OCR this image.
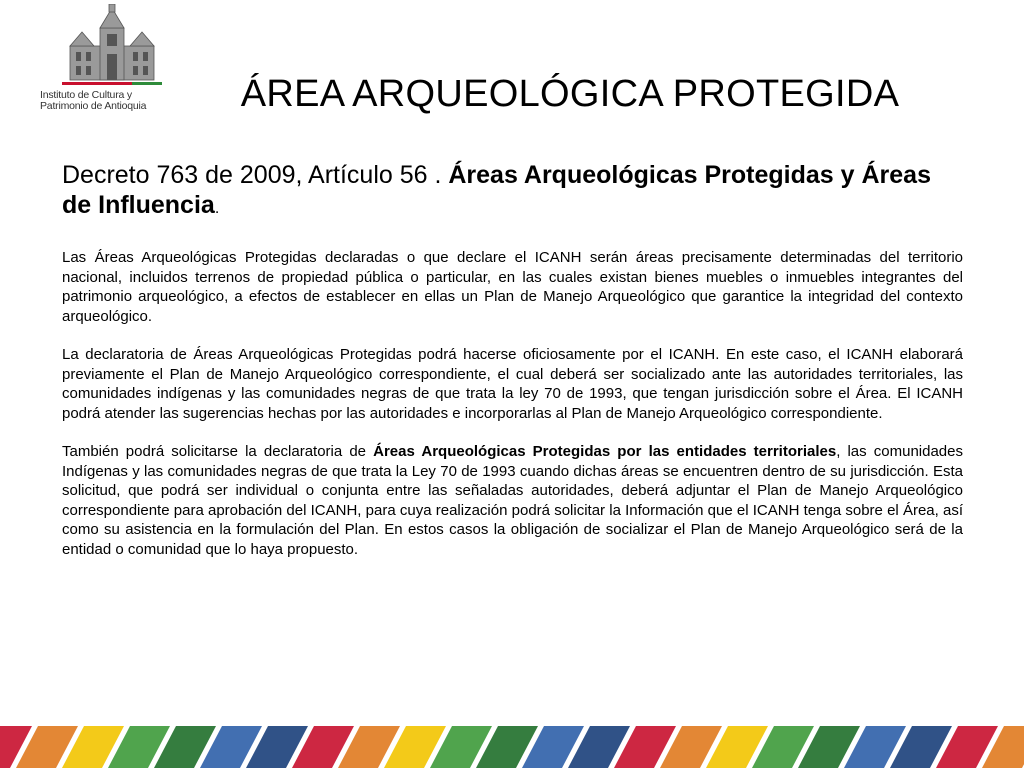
Instituto de Cultura y
Patrimonio de Antioquia	ÁREA ARQUEOLÓGICA PROTEGIDA

Decreto 763 de 2009, Artículo 56 . Áreas Arqueológicas Protegidas y Áreas de Influencia.

Las Áreas Arqueológicas Protegidas declaradas o que declare el ICANH serán áreas precisamente determinadas del territorio nacional, incluidos terrenos de propiedad pública o particular, en las cuales existan bienes muebles o inmuebles integrantes del patrimonio arqueológico, a efectos de establecer en ellas un Plan de Manejo Arqueológico que garantice la integridad del contexto arqueológico.

La declaratoria de Áreas Arqueológicas Protegidas podrá hacerse oficiosamente por el ICANH. En este caso, el ICANH elaborará previamente el Plan de Manejo Arqueológico correspondiente, el cual deberá ser socializado ante las autoridades territoriales, las comunidades indígenas y las comunidades negras de que trata la ley 70 de 1993, que tengan jurisdicción sobre el Área. El ICANH podrá atender las sugerencias hechas por las autoridades e incorporarlas al Plan de Manejo Arqueológico correspondiente.

También podrá solicitarse la declaratoria de Áreas Arqueológicas Protegidas por las entidades territoriales, las comunidades Indígenas y las comunidades negras de que trata la Ley 70 de 1993 cuando dichas áreas se encuentren dentro de su jurisdicción. Esta solicitud, que podrá ser individual o conjunta entre las señaladas autoridades, deberá adjuntar el Plan de Manejo Arqueológico correspondiente para aprobación del ICANH, para cuya realización podrá solicitar la Información que el ICANH tenga sobre el Área, así como su asistencia en la formulación del Plan. En estos casos la obligación de socializar el Plan de Manejo Arqueológico será de la entidad o comunidad que lo haya propuesto.
